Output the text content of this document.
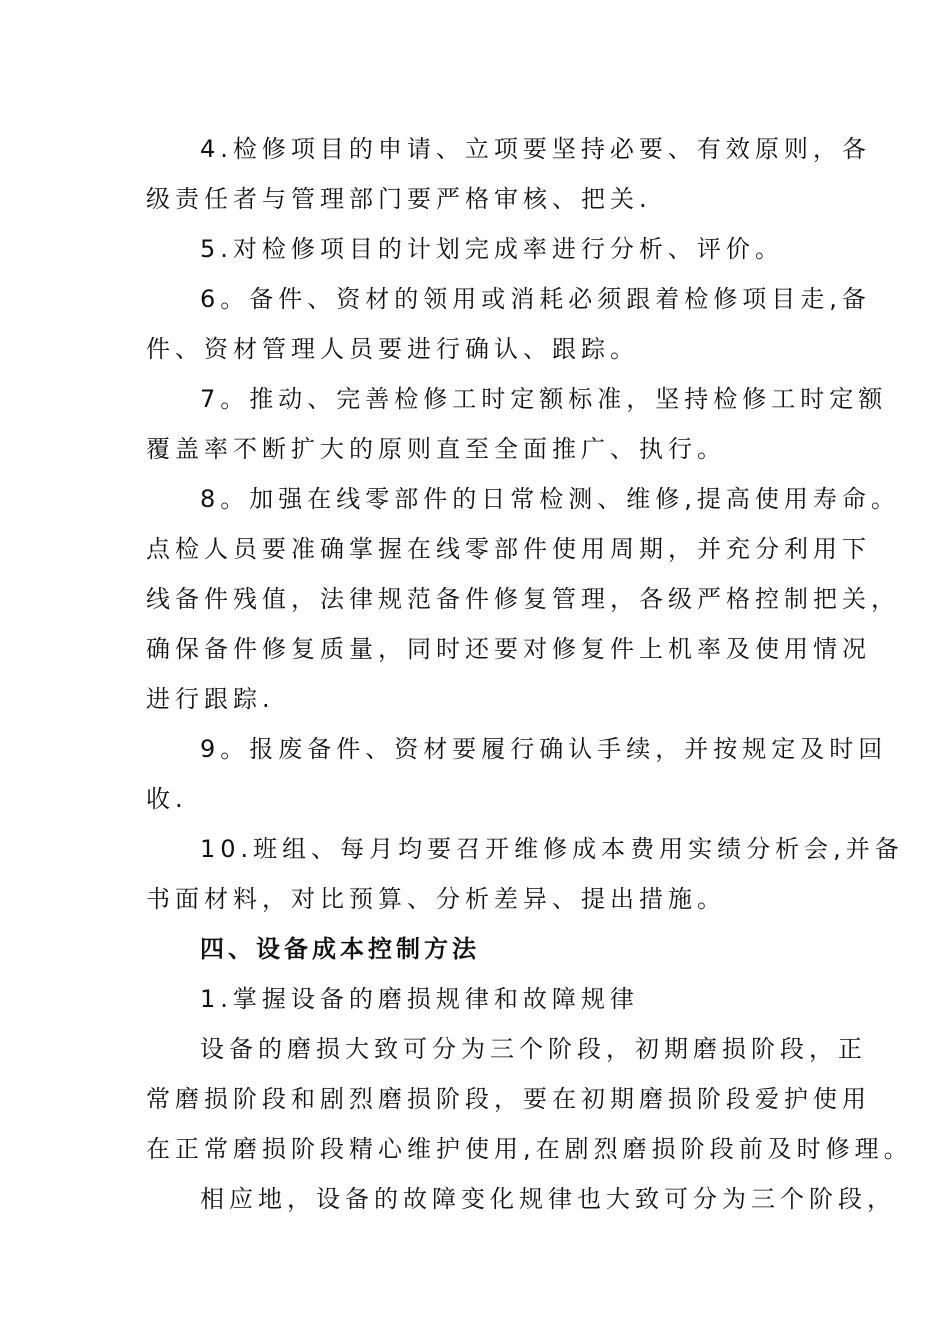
4.检修项目的申请、立项要坚持必要、有效原则，各
级责任者与管理部门要严格审核、把关.
5.对检修项目的计划完成率进行分析、评价。
6。备件、资材的领用或消耗必须跟着检修项目走,备
件、资材管理人员要进行确认、跟踪。
7。推动、完善检修工时定额标准，坚持检修工时定额
覆盖率不断扩大的原则直至全面推广、执行。
8。加强在线零部件的日常检测、维修,提高使用寿命。
点检人员要准确掌握在线零部件使用周期，并充分利用下
线备件残值，法律规范备件修复管理，各级严格控制把关，
确保备件修复质量，同时还要对修复件上机率及使用情况
进行跟踪.
9。报废备件、资材要履行确认手续，并按规定及时回
收.
10.班组、每月均要召开维修成本费用实绩分析会,并备
书面材料，对比预算、分析差异、提出措施。
四、设备成本控制方法
1.掌握设备的磨损规律和故障规律
设备的磨损大致可分为三个阶段，初期磨损阶段，正
常磨损阶段和剧烈磨损阶段，要在初期磨损阶段爱护使用
在正常磨损阶段精心维护使用,在剧烈磨损阶段前及时修理。
相应地，设备的故障变化规律也大致可分为三个阶段，
